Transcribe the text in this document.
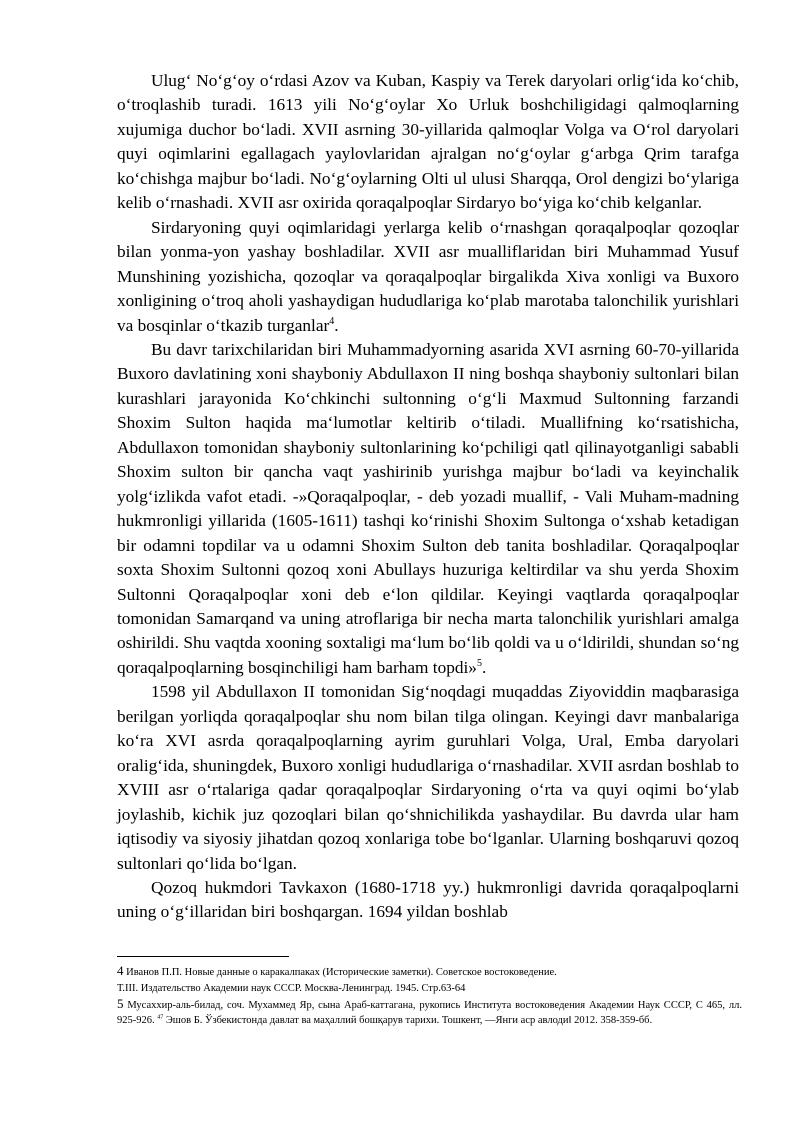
Ulug‘ No‘g‘oy o‘rdasi Azov va Kuban, Kaspiy va Terek daryolari orlig‘ida ko‘chib, o‘troqlashib turadi. 1613 yili No‘g‘oylar Xo Urluk boshchiligidagi qalmoqlarning xujumiga duchor bo‘ladi. XVII asrning 30-yillarida qalmoqlar Volga va O‘rol daryolari quyi oqimlarini egallagach yaylovlaridan ajralgan no‘g‘oylar g‘arbga Qrim tarafga ko‘chishga majbur bo‘ladi. No‘g‘oylarning Olti ul ulusi Sharqqa, Orol dengizi bo‘ylariga kelib o‘rnashadi. XVII asr oxirida qoraqalpoqlar Sirdaryo bo‘yiga ko‘chib kelganlar.

Sirdaryoning quyi oqimlaridagi yerlarga kelib o‘rnashgan qoraqalpoqlar qozoqlar bilan yonma-yon yashay boshladilar. XVII asr mualliflaridan biri Muhammad Yusuf Munshining yozishicha, qozoqlar va qoraqalpoqlar birgalikda Xiva xonligi va Buxoro xonligining o‘troq aholi yashaydigan hududlariga ko‘plab marotaba talonchilik yurishlari va bosqinlar o‘tkazib turganlar$^4$.

Bu davr tarixchilaridan biri Muhammadyorning asarida XVI asrning 60-70-yillarida Buxoro davlatining xoni shayboniy Abdullaxon II ning boshqa shayboniy sultonlari bilan kurashlari jarayonida Ko‘chkinchi sultonning o‘g‘li Maxmud Sultonning farzandi Shoxim Sulton haqida ma‘lumotlar keltirib o‘tiladi. Muallifning ko‘rsatishicha, Abdullaxon tomonidan shayboniy sultonlarining ko‘pchiligi qatl qilinayotganligi sababli Shoxim sulton bir qancha vaqt yashirinib yurishga majbur bo‘ladi va keyinchalik yolg‘izlikda vafot etadi. -»Qoraqalpoqlar, - deb yozadi muallif, - Vali Muham-madning hukmronligi yillarida (1605-1611) tashqi ko‘rinishi Shoxim Sultonga o‘xshab ketadigan bir odamni topdilar va u odamni Shoxim Sulton deb tanita boshladilar. Qoraqalpoqlar soxta Shoxim Sultonni qozoq xoni Abullays huzuriga keltirdilar va shu yerda Shoxim Sultonni Qoraqalpoqlar xoni deb e‘lon qildilar. Keyingi vaqtlarda qoraqalpoqlar tomonidan Samarqand va uning atroflariga bir necha marta talonchilik yurishlari amalga oshirildi. Shu vaqtda xooning soxtaligi ma‘lum bo‘lib qoldi va u o‘ldirildi, shundan so‘ng qoraqalpoqlarning bosqinchiligi ham barham topdi»$^5$.

1598 yil Abdullaxon II tomonidan Sig‘noqdagi muqaddas Ziyoviddin maqbarasiga berilgan yorliqda qoraqalpoqlar shu nom bilan tilga olingan. Keyingi davr manbalariga ko‘ra XVI asrda qoraqalpoqlarning ayrim guruhlari Volga, Ural, Emba daryolari oralig‘ida, shuningdek, Buxoro xonligi hududlariga o‘rnashadilar. XVII asrdan boshlab to XVIII asr o‘rtalariga qadar qoraqalpoqlar Sirdaryoning o‘rta va quyi oqimi bo‘ylab joylashib, kichik juz qozoqlari bilan qo‘shnichilikda yashaydilar. Bu davrda ular ham iqtisodiy va siyosiy jihatdan qozoq xonlariga tobe bo‘lganlar. Ularning boshqaruvi qozoq sultonlari qo‘lida bo‘lgan.

Qozoq hukmdori Tavkaxon (1680-1718 yy.) hukmronligi davrida qoraqalpoqlarni uning o‘g‘illaridan biri boshqargan. 1694 yildan boshlab

4 Иванов П.П. Новые данные о каракалпаках (Исторические заметки). Советское востоковедение.

Т.III. Издательство Академии наук СССР. Москва-Ленинград. 1945. Стр.63-64

5 Мусаххир-аль-билад, соч. Мухаммед Яр, сына Араб-каттагана, рукопись Института востоковедения Академии Наук СССР, С 465, лл. 925-926. $^{47}$ Эшов Б. Ўзбекистонда давлат ва маҳаллий бошқарув тарихи. Тошкент, ―Янги аср авлоди‖ 2012. 358-359-бб.
